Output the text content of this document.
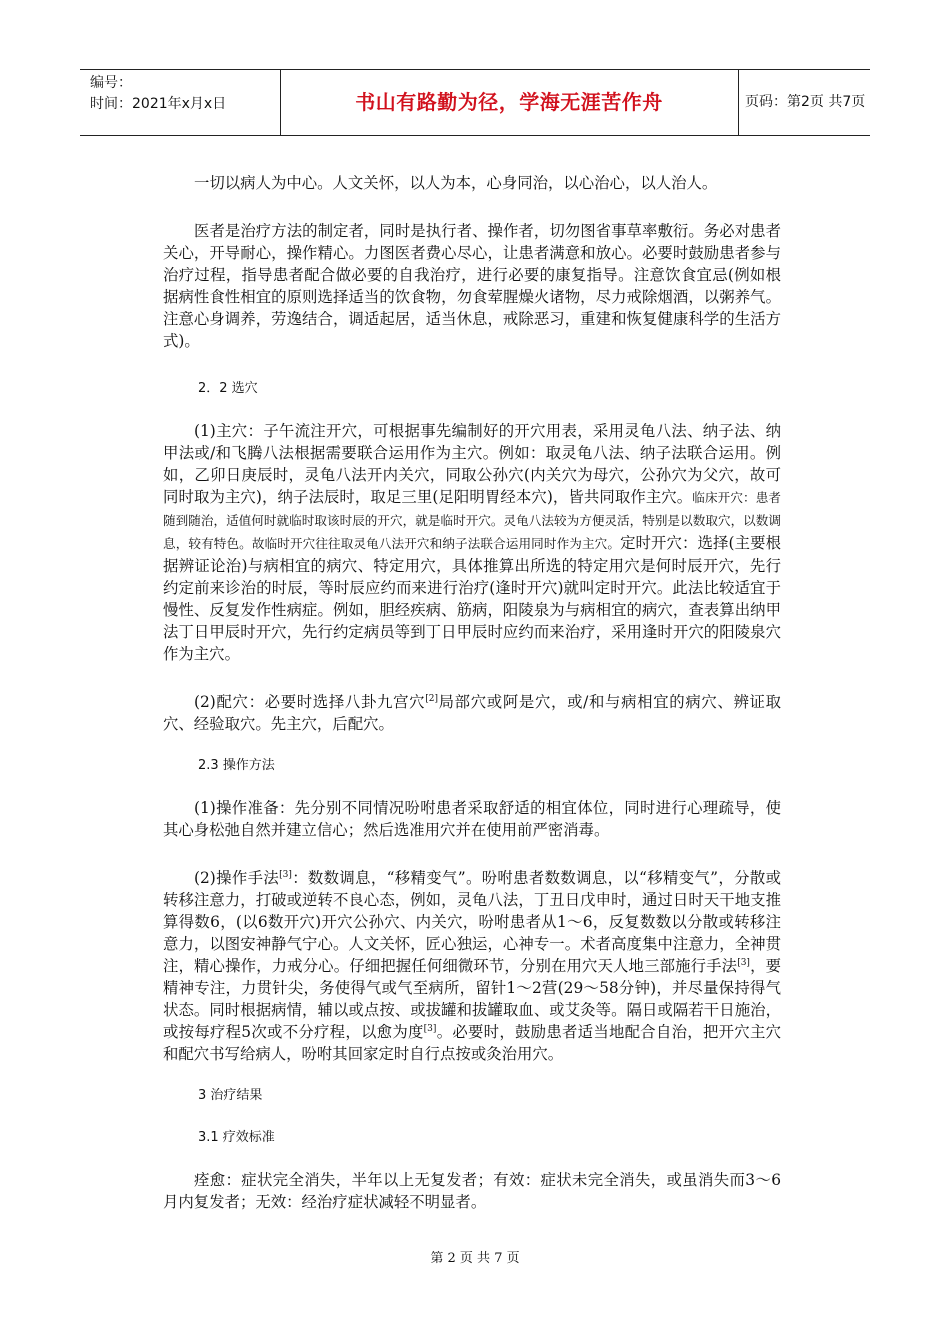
编号：
时间：2021年x月x日	书山有路勤为径，学海无涯苦作舟	页码：第2页 共7页

一切以病人为中心。人文关怀，以人为本，心身同治，以心治心，以人治人。

医者是治疗方法的制定者，同时是执行者、操作者，切勿图省事草率敷衍。务必对患者关心，开导耐心，操作精心。力图医者费心尽心，让患者满意和放心。必要时鼓励患者参与治疗过程，指导患者配合做必要的自我治疗，进行必要的康复指导。注意饮食宜忌(例如根据病性食性相宜的原则选择适当的饮食物，勿食荤腥燥火诸物，尽力戒除烟酒，以粥养气。注意心身调养，劳逸结合，调适起居，适当休息，戒除恶习，重建和恢复健康科学的生活方式)。

2．2 选穴

(1)主穴：子午流注开穴，可根据事先编制好的开穴用表，采用灵龟八法、纳子法、纳甲法或/和飞腾八法根据需要联合运用作为主穴。例如：取灵龟八法、纳子法联合运用。例如，乙卯日庚辰时，灵龟八法开内关穴，同取公孙穴(内关穴为母穴，公孙穴为父穴，故可同时取为主穴)，纳子法辰时，取足三里(足阳明胃经本穴)，皆共同取作主穴。临床开穴：患者随到随治，适值何时就临时取该时辰的开穴，就是临时开穴。灵龟八法较为方便灵活，特别是以数取穴，以数调息，较有特色。故临时开穴往往取灵龟八法开穴和纳子法联合运用同时作为主穴。定时开穴：选择(主要根据辨证论治)与病相宜的病穴、特定用穴，具体推算出所选的特定用穴是何时辰开穴，先行约定前来诊治的时辰，等时辰应约而来进行治疗(逢时开穴)就叫定时开穴。此法比较适宜于慢性、反复发作性病症。例如，胆经疾病、筋病，阳陵泉为与病相宜的病穴，查表算出纳甲法丁日甲辰时开穴，先行约定病员等到丁日甲辰时应约而来治疗，采用逢时开穴的阳陵泉穴作为主穴。

(2)配穴：必要时选择八卦九宫穴[2]局部穴或阿是穴，或/和与病相宜的病穴、辨证取穴、经验取穴。先主穴，后配穴。

2.3 操作方法

(1)操作准备：先分别不同情况吩咐患者采取舒适的相宜体位，同时进行心理疏导，使其心身松弛自然并建立信心；然后选准用穴并在使用前严密消毒。

(2)操作手法[3]：数数调息，“移精变气”。吩咐患者数数调息，以“移精变气”，分散或转移注意力，打破或逆转不良心态，例如，灵龟八法，丁丑日戊申时，通过日时天干地支推算得数6，(以6数开穴)开穴公孙穴、内关穴，吩咐患者从1～6，反复数数以分散或转移注意力，以图安神静气宁心。人文关怀，匠心独运，心神专一。术者高度集中注意力，全神贯注，精心操作，力戒分心。仔细把握任何细微环节，分别在用穴天人地三部施行手法[3]，要精神专注，力贯针尖，务使得气或气至病所，留针1～2营(29～58分钟)，并尽量保持得气状态。同时根据病情，辅以或点按、或拔罐和拔罐取血、或艾灸等。隔日或隔若干日施治，或按每疗程5次或不分疗程，以愈为度[3]。必要时，鼓励患者适当地配合自治，把开穴主穴和配穴书写给病人，吩咐其回家定时自行点按或灸治用穴。

3 治疗结果
3.1 疗效标准

痊愈：症状完全消失，半年以上无复发者；有效：症状未完全消失，或虽消失而3～6月内复发者；无效：经治疗症状减轻不明显者。

第 2 页 共 7 页
